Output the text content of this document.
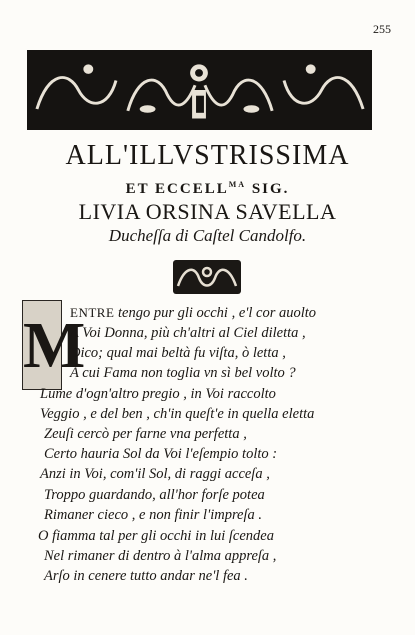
255
ALL'ILLVSTRISSIMA
ET $ECCELL^{MA}$ SIG.
LIVIA ORSINA SAVELLA
Ducheſſa di Caſtel Candolfo.
M
ENTRE tengo pur gli occhi , e'l cor auolto
A Voi Donna, più ch'altri al Ciel diletta ,
Dico; qual mai beltà fu viſta, ò letta ,
A cui Fama non toglia vn sì bel volto ?
Lume d'ogn'altro pregio , in Voi raccolto
Veggio , e del ben , ch'in queſt'e in quella eletta
Zeuſi cercò per farne vna perfetta ,
Certo hauria Sol da Voi l'eſempio tolto :
Anzi in Voi, com'il Sol, di raggi acceſa ,
Troppo guardando, all'hor forſe potea
Rimaner cieco , e non finir l'impreſa .
O fiamma tal per gli occhi in lui ſcendea
Nel rimaner di dentro à l'alma appreſa ,
Arſo in cenere tutto andar ne'l fea .
